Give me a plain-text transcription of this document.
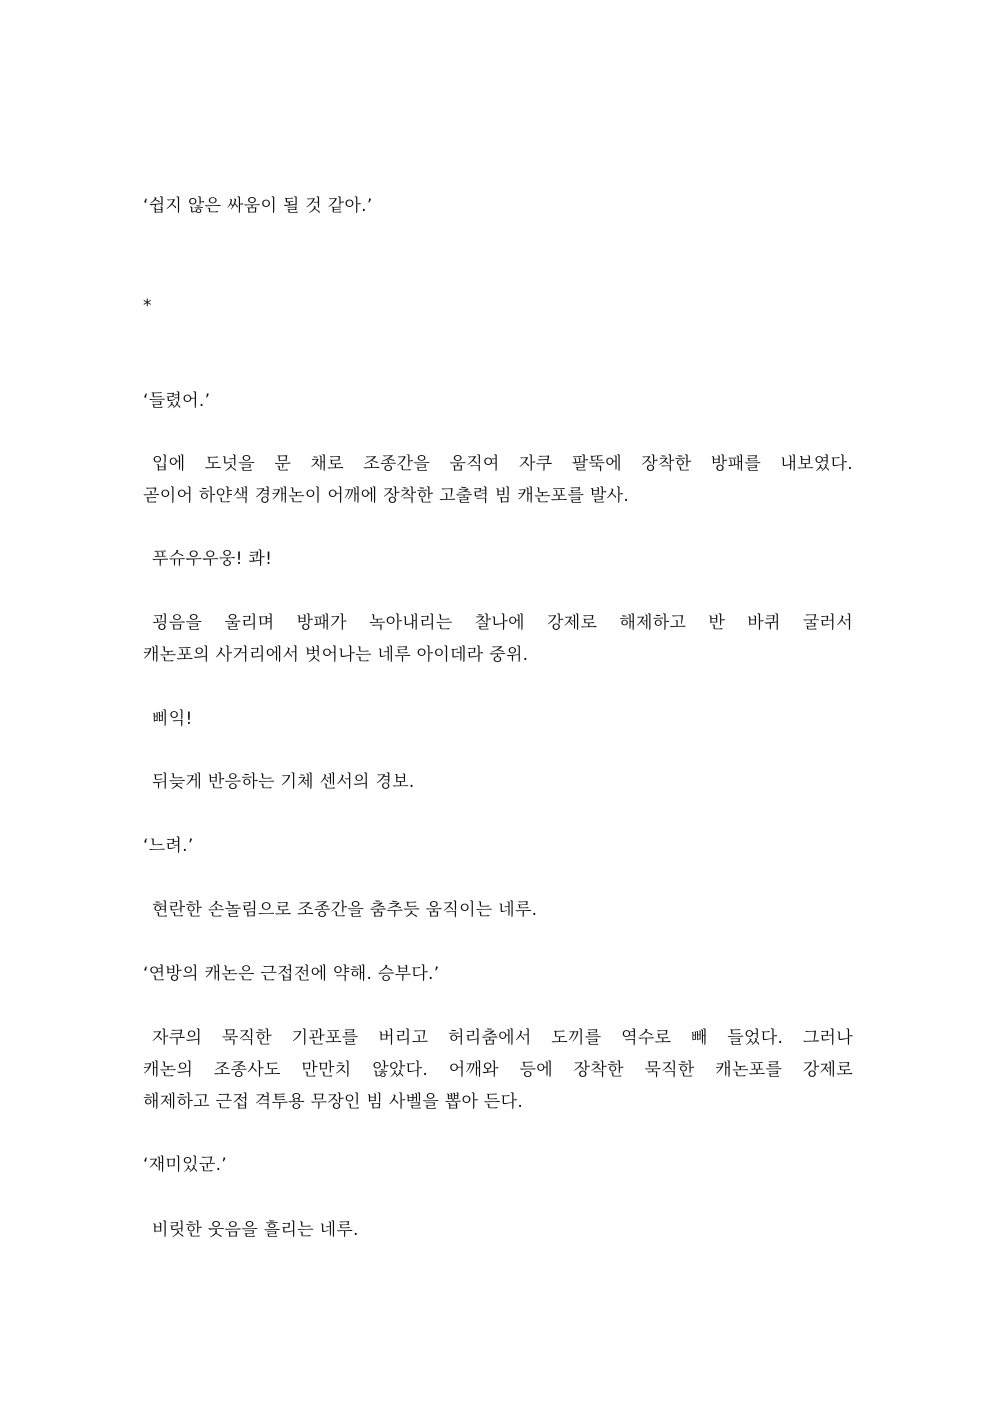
‘쉽지 않은 싸움이 될 것 같아.’
*
‘들렸어.’
입에 도넛을 문 채로 조종간을 움직여 자쿠 팔뚝에 장착한 방패를 내보였다.
곧이어 하얀색 경캐논이 어깨에 장착한 고출력 빔 캐논포를 발사.
푸슈우우웅! 콰!
굉음을 울리며 방패가 녹아내리는 찰나에 강제로 해제하고 반 바퀴 굴러서
캐논포의 사거리에서 벗어나는 네루 아이데라 중위.
삐익!
뒤늦게 반응하는 기체 센서의 경보.
‘느려.’
현란한 손놀림으로 조종간을 춤추듯 움직이는 네루.
‘연방의 캐논은 근접전에 약해. 승부다.’
자쿠의 묵직한 기관포를 버리고 허리춤에서 도끼를 역수로 빼 들었다. 그러나
캐논의 조종사도 만만치 않았다. 어깨와 등에 장착한 묵직한 캐논포를 강제로
해제하고 근접 격투용 무장인 빔 사벨을 뽑아 든다.
‘재미있군.’
비릿한 웃음을 흘리는 네루.
